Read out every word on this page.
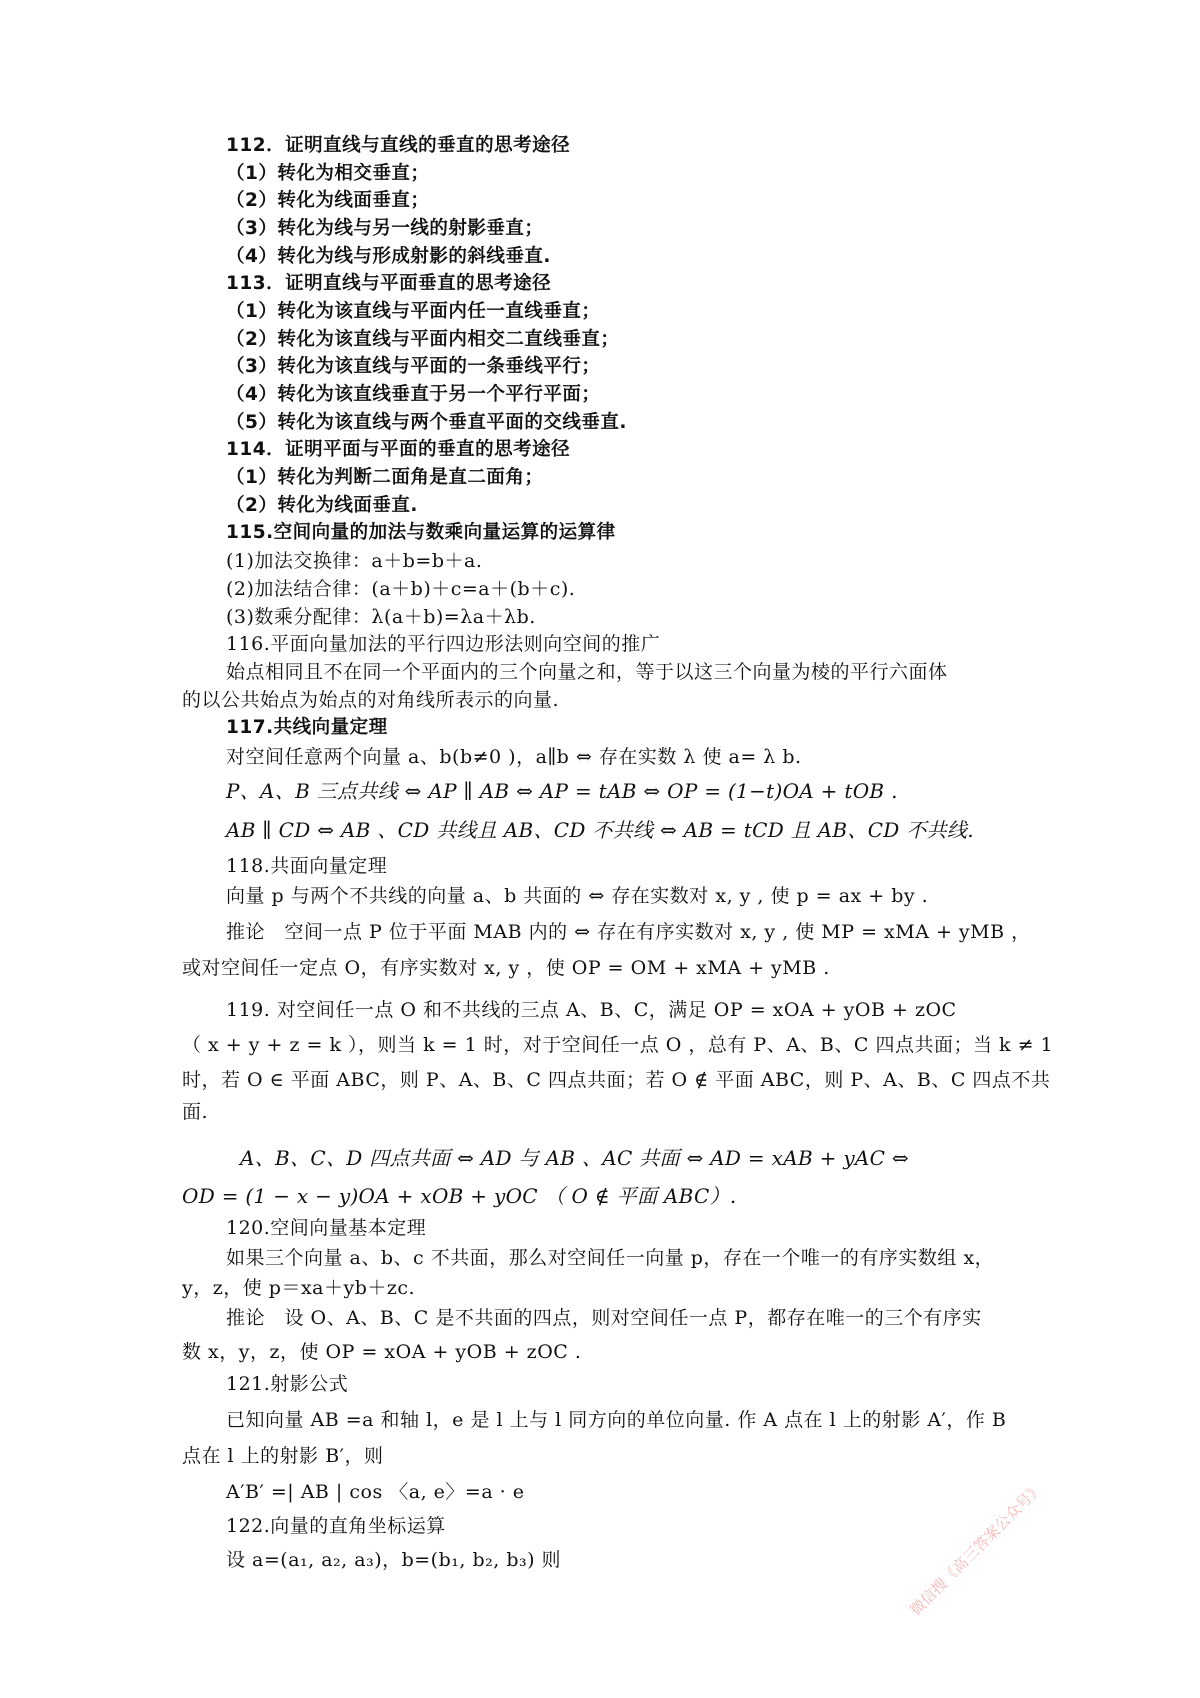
112．证明直线与直线的垂直的思考途径
（1）转化为相交垂直；
（2）转化为线面垂直；
（3）转化为线与另一线的射影垂直；
（4）转化为线与形成射影的斜线垂直.
113．证明直线与平面垂直的思考途径
（1）转化为该直线与平面内任一直线垂直；
（2）转化为该直线与平面内相交二直线垂直；
（3）转化为该直线与平面的一条垂线平行；
（4）转化为该直线垂直于另一个平行平面；
（5）转化为该直线与两个垂直平面的交线垂直.
114．证明平面与平面的垂直的思考途径
（1）转化为判断二面角是直二面角；
（2）转化为线面垂直.
115.空间向量的加法与数乘向量运算的运算律
(1)加法交换律：a＋b=b＋a.
(2)加法结合律：(a＋b)＋c=a＋(b＋c).
(3)数乘分配律：λ(a＋b)=λa＋λb.
116.平面向量加法的平行四边形法则向空间的推广
始点相同且不在同一个平面内的三个向量之和，等于以这三个向量为棱的平行六面体
的以公共始点为始点的对角线所表示的向量.
117.共线向量定理
对空间任意两个向量 a、b(b≠0 )，a∥b ⇔ 存在实数 λ 使 a= λ b.
P、A、B 三点共线 ⇔ AP ∥ AB ⇔ AP = tAB ⇔ OP = (1−t)OA + tOB .
AB ∥ CD ⇔ AB 、CD 共线且 AB、CD 不共线 ⇔ AB = tCD 且 AB、CD 不共线.
118.共面向量定理
向量 p 与两个不共线的向量 a、b 共面的 ⇔ 存在实数对 x, y , 使 p = ax + by .
推论　空间一点 P 位于平面 MAB 内的 ⇔ 存在有序实数对 x, y , 使 MP = xMA + yMB ，
或对空间任一定点 O，有序实数对 x, y ，使 OP = OM + xMA + yMB .
119. 对空间任一点 O 和不共线的三点 A、B、C，满足 OP = xOA + yOB + zOC
（ x + y + z = k ），则当 k = 1 时，对于空间任一点 O ，总有 P、A、B、C 四点共面；当 k ≠ 1
时，若 O ∈ 平面 ABC，则 P、A、B、C 四点共面；若 O ∉ 平面 ABC，则 P、A、B、C 四点不共
面.
A、B、C、D 四点共面 ⇔ AD 与 AB 、AC 共面 ⇔ AD = xAB + yAC ⇔
OD = (1 − x − y)OA + xOB + yOC （ O ∉ 平面 ABC）.
120.空间向量基本定理
如果三个向量 a、b、c 不共面，那么对空间任一向量 p，存在一个唯一的有序实数组 x，
y，z，使 p＝xa＋yb＋zc.
推论　设 O、A、B、C 是不共面的四点，则对空间任一点 P，都存在唯一的三个有序实
数 x，y，z，使 OP = xOA + yOB + zOC .
121.射影公式
已知向量 AB =a 和轴 l，e 是 l 上与 l 同方向的单位向量. 作 A 点在 l 上的射影 A′，作 B
点在 l 上的射影 B′，则
A′B′ =| AB | cos 〈a, e〉=a · e
122.向量的直角坐标运算
设 a=(a₁, a₂, a₃)，b=(b₁, b₂, b₃) 则	微信搜《高三答案公众号》
